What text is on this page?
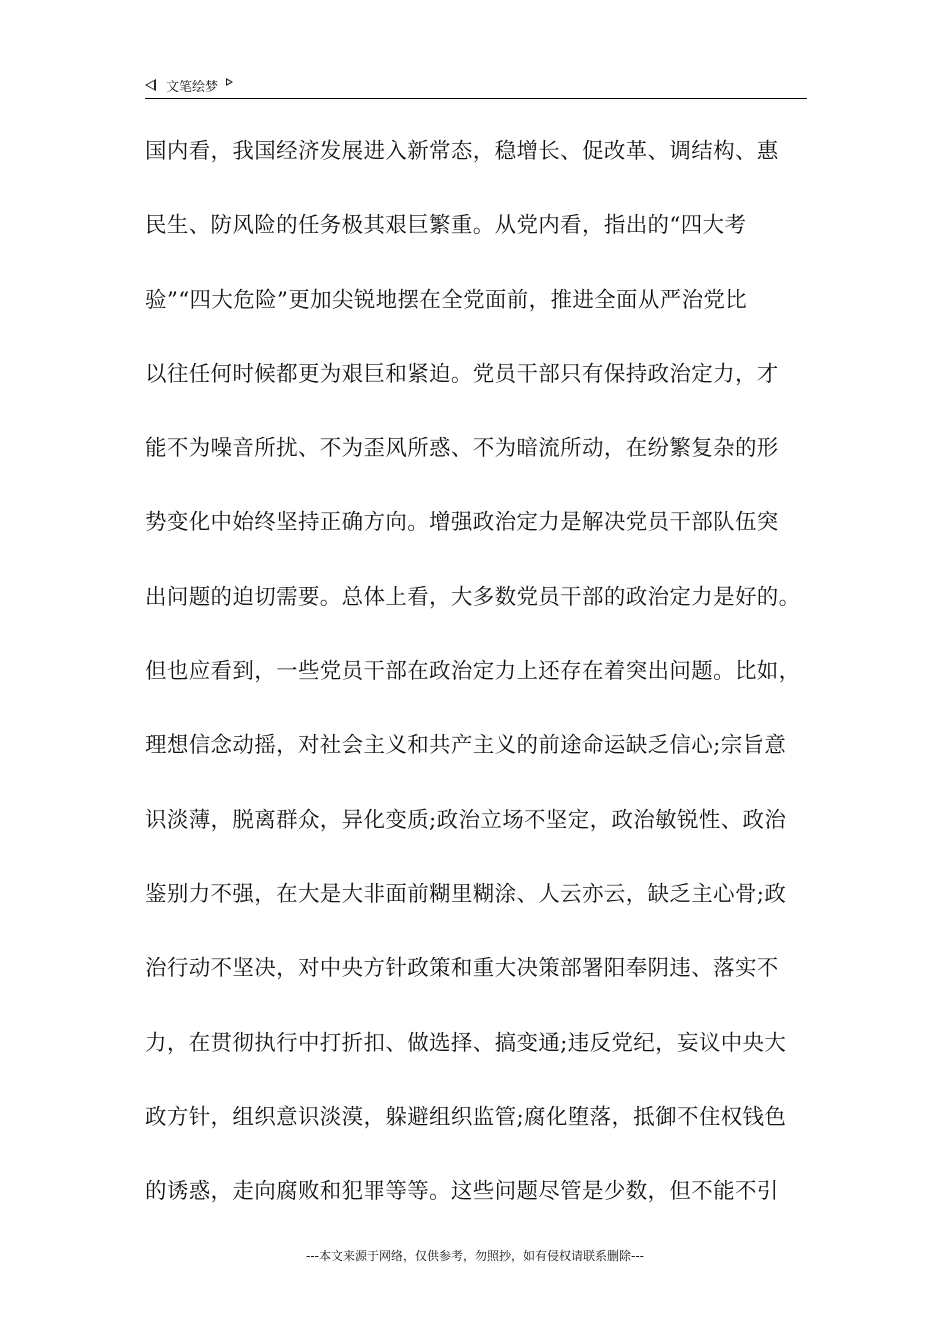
文笔绘梦
国内看，我国经济发展进入新常态，稳增长、促改革、调结构、惠
民生、防风险的任务极其艰巨繁重。从党内看，指出的“四大考
验”“四大危险”更加尖锐地摆在全党面前，推进全面从严治党比
以往任何时候都更为艰巨和紧迫。党员干部只有保持政治定力，才
能不为噪音所扰、不为歪风所惑、不为暗流所动，在纷繁复杂的形
势变化中始终坚持正确方向。增强政治定力是解决党员干部队伍突
出问题的迫切需要。总体上看，大多数党员干部的政治定力是好的。
但也应看到，一些党员干部在政治定力上还存在着突出问题。比如，
理想信念动摇，对社会主义和共产主义的前途命运缺乏信心;宗旨意
识淡薄，脱离群众，异化变质;政治立场不坚定，政治敏锐性、政治
鉴别力不强，在大是大非面前糊里糊涂、人云亦云，缺乏主心骨;政
治行动不坚决，对中央方针政策和重大决策部署阳奉阴违、落实不
力，在贯彻执行中打折扣、做选择、搞变通;违反党纪，妄议中央大
政方针，组织意识淡漠，躲避组织监管;腐化堕落，抵御不住权钱色
的诱惑，走向腐败和犯罪等等。这些问题尽管是少数，但不能不引
---本文来源于网络，仅供参考，勿照抄，如有侵权请联系删除---
